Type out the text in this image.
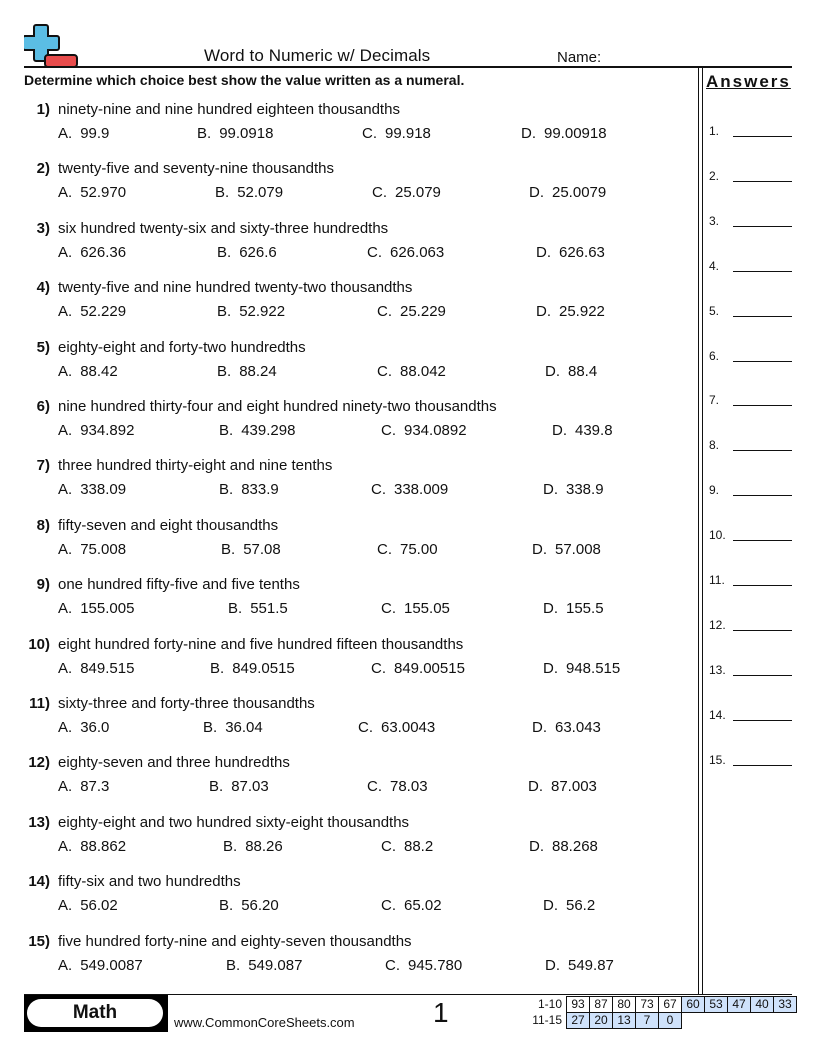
Word to Numeric w/ Decimals	Name:
Determine which choice best show the value written as a numeral.	Answers
1.
2.
3.
4.
5.
6.
7.
8.
9.
10.
11.
12.
13.
14.
15.
1) ninety-nine and nine hundred eighteen thousandths
A. 99.9	B. 99.0918	C. 99.918	D. 99.00918
2) twenty-five and seventy-nine thousandths
A. 52.970	B. 52.079	C. 25.079	D. 25.0079
3) six hundred twenty-six and sixty-three hundredths
A. 626.36	B. 626.6	C. 626.063	D. 626.63
4) twenty-five and nine hundred twenty-two thousandths
A. 52.229	B. 52.922	C. 25.229	D. 25.922
5) eighty-eight and forty-two hundredths
A. 88.42	B. 88.24	C. 88.042	D. 88.4
6) nine hundred thirty-four and eight hundred ninety-two thousandths
A. 934.892	B. 439.298	C. 934.0892	D. 439.8
7) three hundred thirty-eight and nine tenths
A. 338.09	B. 833.9	C. 338.009	D. 338.9
8) fifty-seven and eight thousandths
A. 75.008	B. 57.08	C. 75.00	D. 57.008
9) one hundred fifty-five and five tenths
A. 155.005	B. 551.5	C. 155.05	D. 155.5
10) eight hundred forty-nine and five hundred fifteen thousandths
A. 849.515	B. 849.0515	C. 849.00515	D. 948.515
11) sixty-three and forty-three thousandths
A. 36.0	B. 36.04	C. 63.0043	D. 63.043
12) eighty-seven and three hundredths
A. 87.3	B. 87.03	C. 78.03	D. 87.003
13) eighty-eight and two hundred sixty-eight thousandths
A. 88.862	B. 88.26	C. 88.2	D. 88.268
14) fifty-six and two hundredths
A. 56.02	B. 56.20	C. 65.02	D. 56.2
15) five hundred forty-nine and eighty-seven thousandths
A. 549.0087	B. 549.087	C. 945.780	D. 549.87
Math	www.CommonCoreSheets.com	1	1-10	93	87	80	73	67	60	53	47	40	33
11-15	27	20	13	7	0					
